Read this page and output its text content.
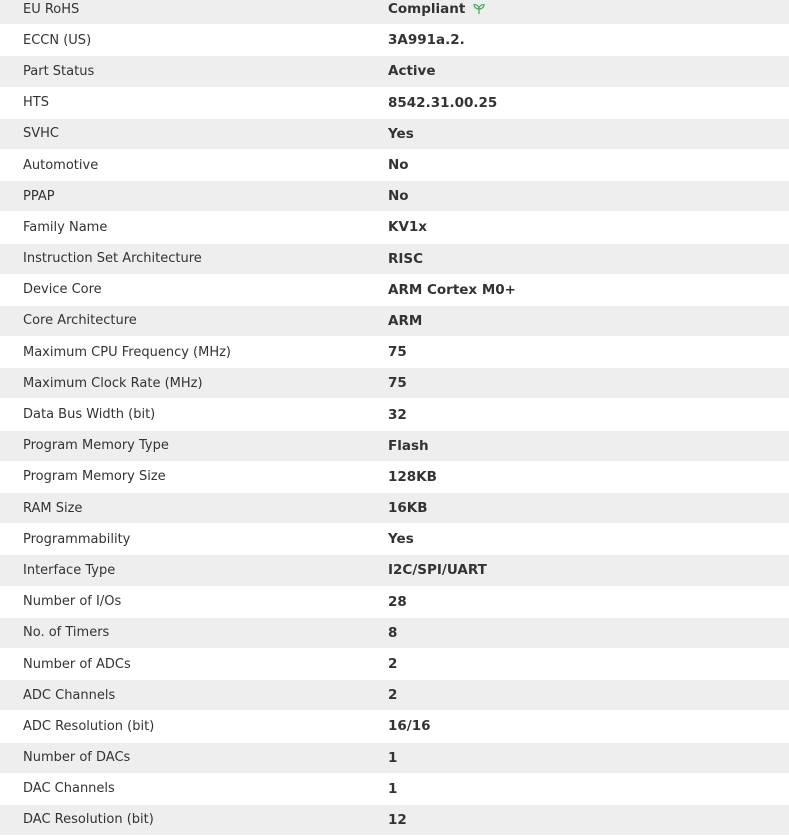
EU RoHS	Compliant
ECCN (US)	3A991a.2.
Part Status	Active
HTS	8542.31.00.25
SVHC	Yes
Automotive	No
PPAP	No
Family Name	KV1x
Instruction Set Architecture	RISC
Device Core	ARM Cortex M0+
Core Architecture	ARM
Maximum CPU Frequency (MHz)	75
Maximum Clock Rate (MHz)	75
Data Bus Width (bit)	32
Program Memory Type	Flash
Program Memory Size	128KB
RAM Size	16KB
Programmability	Yes
Interface Type	I2C/SPI/UART
Number of I/Os	28
No. of Timers	8
Number of ADCs	2
ADC Channels	2
ADC Resolution (bit)	16/16
Number of DACs	1
DAC Channels	1
DAC Resolution (bit)	12
